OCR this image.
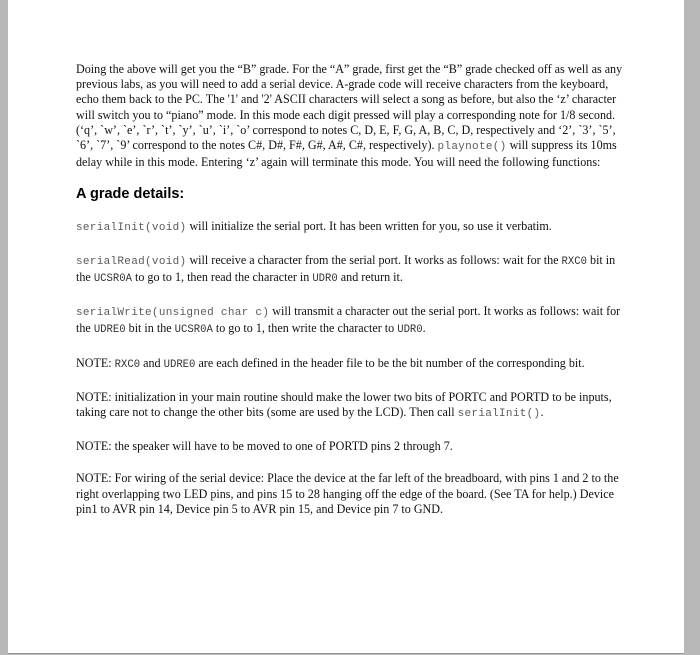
Doing the above will get you the “B” grade. For the “A” grade, first get the “B” grade checked off as well as any previous labs, as you will need to add a serial device. A-grade code will receive characters from the keyboard, echo them back to the PC. The '1' and '2' ASCII characters will select a song as before, but also the ‘z’ character will switch you to “piano” mode. In this mode each digit pressed will play a corresponding note for 1/8 second. (‘q’, `w’, `e’, `r’, `t’, `y’, `u’, `i’, `o’ correspond to notes C, D, E, F, G, A, B, C, D, respectively and ‘2’, `3’, `5’, `6’, `7’, `9’ correspond to the notes C#, D#, F#, G#, A#, C#, respectively). playnote() will suppress its 10ms delay while in this mode. Entering ‘z’ again will terminate this mode. You will need the following functions:

A grade details:

serialInit(void) will initialize the serial port. It has been written for you, so use it verbatim.

serialRead(void) will receive a character from the serial port. It works as follows: wait for the RXC0 bit in the UCSR0A to go to 1, then read the character in UDR0 and return it.

serialWrite(unsigned char c) will transmit a character out the serial port. It works as follows: wait for the UDRE0 bit in the UCSR0A to go to 1, then write the character to UDR0.

NOTE: RXC0 and UDRE0 are each defined in the header file to be the bit number of the corresponding bit.

NOTE: initialization in your main routine should make the lower two bits of PORTC and PORTD to be inputs, taking care not to change the other bits (some are used by the LCD). Then call serialInit().

NOTE: the speaker will have to be moved to one of PORTD pins 2 through 7.

NOTE: For wiring of the serial device: Place the device at the far left of the breadboard, with pins 1 and 2 to the right overlapping two LED pins, and pins 15 to 28 hanging off the edge of the board. (See TA for help.) Device pin1 to AVR pin 14, Device pin 5 to AVR pin 15, and Device pin 7 to GND.
